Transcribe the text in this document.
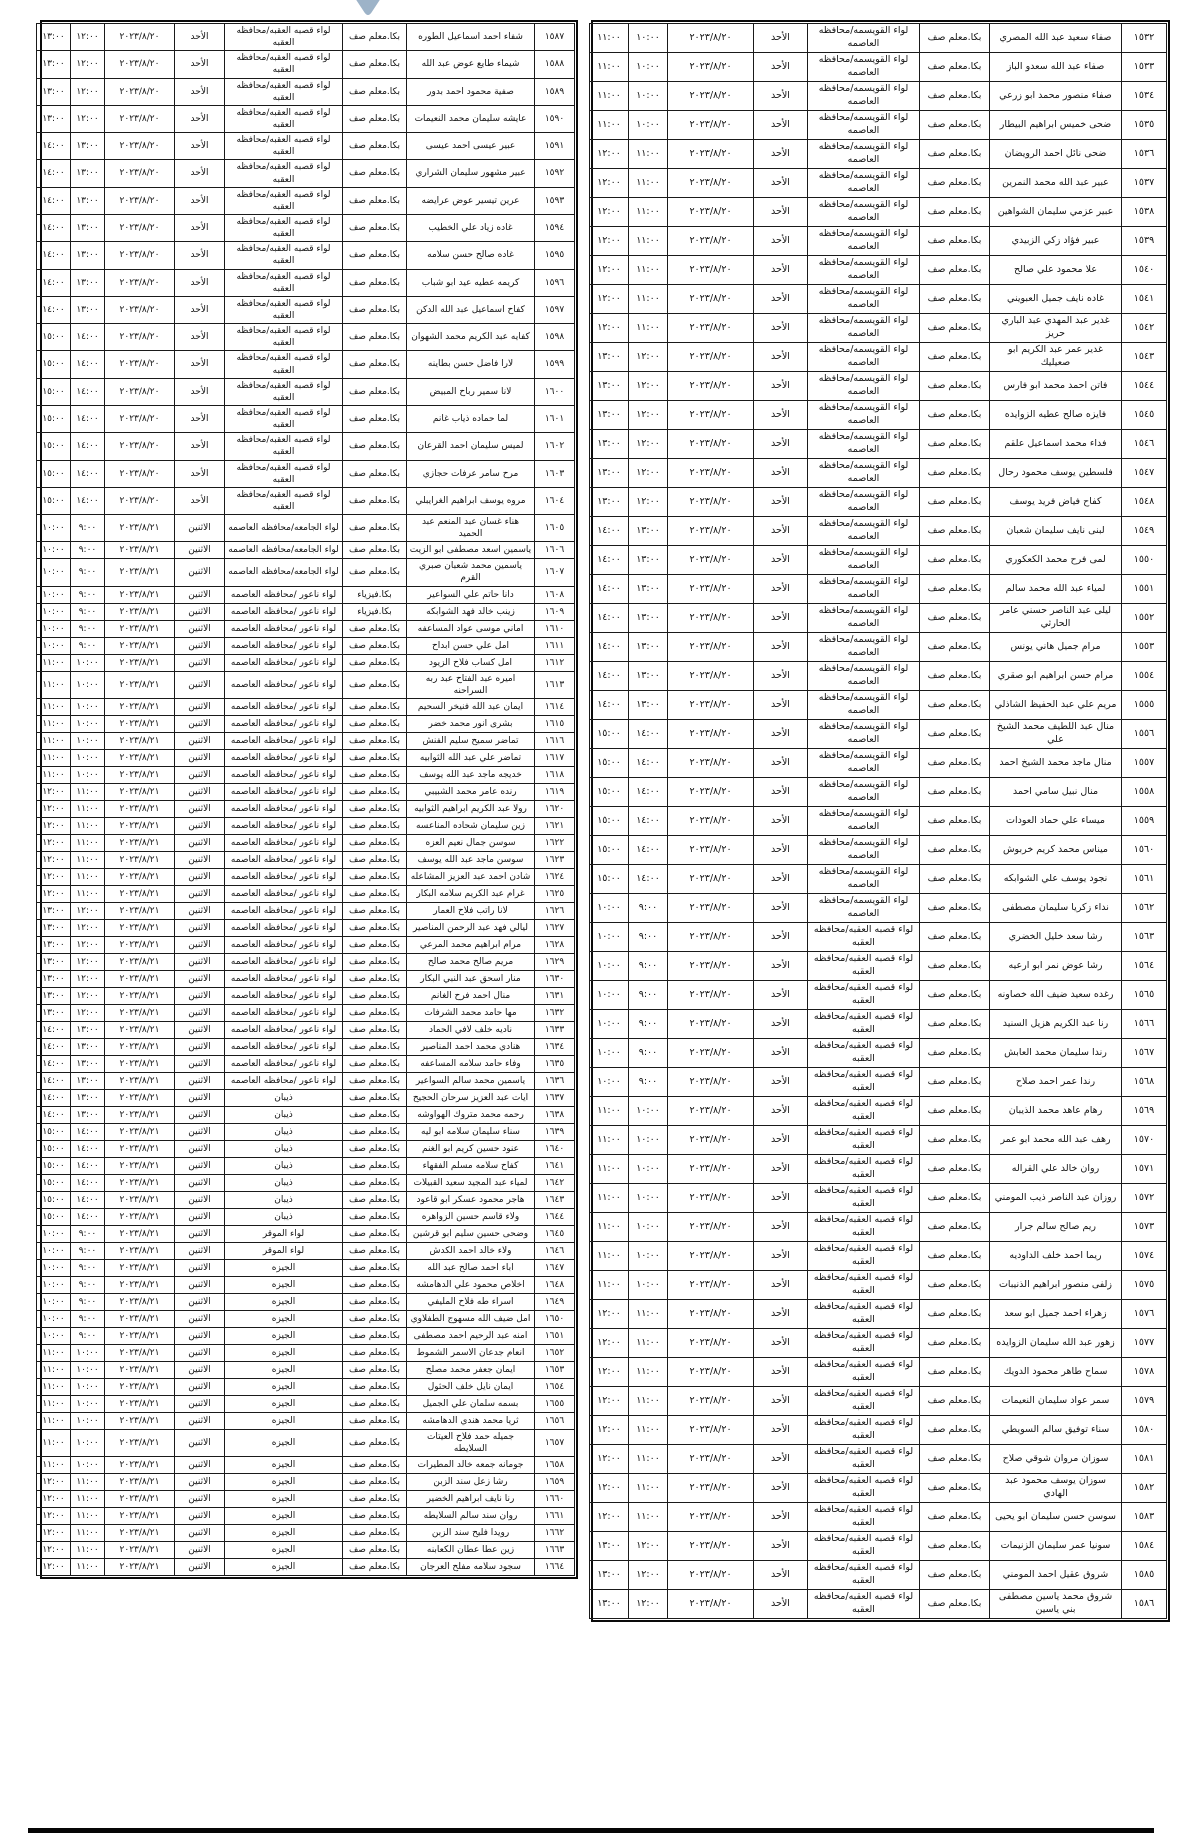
١٥٨٧	شفاء احمد اسماعيل الطوره	بكا.معلم صف	لواء قصبه العقبه/محافظه العقبه	الأحد	٢٠٢٣/٨/٢٠	١٢:٠٠	١٣:٠٠
١٥٨٨	شيماء طايع عوض عبد الله	بكا.معلم صف	لواء قصبه العقبه/محافظه العقبه	الأحد	٢٠٢٣/٨/٢٠	١٢:٠٠	١٣:٠٠
١٥٨٩	صفية محمود احمد بدور	بكا.معلم صف	لواء قصبه العقبه/محافظه العقبه	الأحد	٢٠٢٣/٨/٢٠	١٢:٠٠	١٣:٠٠
١٥٩٠	عايشه سليمان محمد النعيمات	بكا.معلم صف	لواء قصبه العقبه/محافظه العقبه	الأحد	٢٠٢٣/٨/٢٠	١٢:٠٠	١٣:٠٠
١٥٩١	عبير عيسى احمد عيسى	بكا.معلم صف	لواء قصبه العقبه/محافظه العقبه	الأحد	٢٠٢٣/٨/٢٠	١٣:٠٠	١٤:٠٠
١٥٩٢	عبير مشهور سليمان الشراري	بكا.معلم صف	لواء قصبه العقبه/محافظه العقبه	الأحد	٢٠٢٣/٨/٢٠	١٣:٠٠	١٤:٠٠
١٥٩٣	عرين تيسير عوض عرايضه	بكا.معلم صف	لواء قصبه العقبه/محافظه العقبه	الأحد	٢٠٢٣/٨/٢٠	١٣:٠٠	١٤:٠٠
١٥٩٤	غاده زياد علي الخطيب	بكا.معلم صف	لواء قصبه العقبه/محافظه العقبه	الأحد	٢٠٢٣/٨/٢٠	١٣:٠٠	١٤:٠٠
١٥٩٥	غاده صالح حسن سلامه	بكا.معلم صف	لواء قصبه العقبه/محافظه العقبه	الأحد	٢٠٢٣/٨/٢٠	١٣:٠٠	١٤:٠٠
١٥٩٦	كريمه عطيه عيد ابو شباب	بكا.معلم صف	لواء قصبه العقبه/محافظه العقبه	الأحد	٢٠٢٣/٨/٢٠	١٣:٠٠	١٤:٠٠
١٥٩٧	كفاح اسماعيل عبد الله الدكن	بكا.معلم صف	لواء قصبه العقبه/محافظه العقبه	الأحد	٢٠٢٣/٨/٢٠	١٣:٠٠	١٤:٠٠
١٥٩٨	كفايه عبد الكريم محمد الشهوان	بكا.معلم صف	لواء قصبه العقبه/محافظه العقبه	الأحد	٢٠٢٣/٨/٢٠	١٤:٠٠	١٥:٠٠
١٥٩٩	لارا فاضل حسن بطاينه	بكا.معلم صف	لواء قصبه العقبه/محافظه العقبه	الأحد	٢٠٢٣/٨/٢٠	١٤:٠٠	١٥:٠٠
١٦٠٠	لانا سمير رباح المبيض	بكا.معلم صف	لواء قصبه العقبه/محافظه العقبه	الأحد	٢٠٢٣/٨/٢٠	١٤:٠٠	١٥:٠٠
١٦٠١	لما حماده ذياب غانم	بكا.معلم صف	لواء قصبه العقبه/محافظه العقبه	الأحد	٢٠٢٣/٨/٢٠	١٤:٠٠	١٥:٠٠
١٦٠٢	لميس سليمان احمد القرعان	بكا.معلم صف	لواء قصبه العقبه/محافظه العقبه	الأحد	٢٠٢٣/٨/٢٠	١٤:٠٠	١٥:٠٠
١٦٠٣	مرح سامر عرفات حجازي	بكا.معلم صف	لواء قصبه العقبه/محافظه العقبه	الأحد	٢٠٢٣/٨/٢٠	١٤:٠٠	١٥:٠٠
١٦٠٤	مروه يوسف ابراهيم الغرايبلي	بكا.معلم صف	لواء قصبه العقبه/محافظه العقبه	الأحد	٢٠٢٣/٨/٢٠	١٤:٠٠	١٥:٠٠
١٦٠٥	هناء غسان عبد المنعم عبد الحميد	بكا.معلم صف	لواء الجامعه/محافظه العاصمه	الاثنين	٢٠٢٣/٨/٢١	٩:٠٠	١٠:٠٠
١٦٠٦	ياسمين اسعد مصطفى ابو الزيت	بكا.معلم صف	لواء الجامعه/محافظه العاصمه	الاثنين	٢٠٢٣/٨/٢١	٩:٠٠	١٠:٠٠
١٦٠٧	ياسمين محمد شعبان صبري القرم	بكا.معلم صف	لواء الجامعه/محافظه العاصمه	الاثنين	٢٠٢٣/٨/٢١	٩:٠٠	١٠:٠٠
١٦٠٨	دانا حاتم علي السواعير	بكا.فيزياء	لواء ناعور /محافظه العاصمه	الاثنين	٢٠٢٣/٨/٢١	٩:٠٠	١٠:٠٠
١٦٠٩	زينب خالد فهد الشوابكه	بكا.فيزياء	لواء ناعور /محافظه العاصمه	الاثنين	٢٠٢٣/٨/٢١	٩:٠٠	١٠:٠٠
١٦١٠	اماني موسى عواد المساعفه	بكا.معلم صف	لواء ناعور /محافظه العاصمه	الاثنين	٢٠٢٣/٨/٢١	٩:٠٠	١٠:٠٠
١٦١١	امل علي حسن ابداح	بكا.معلم صف	لواء ناعور /محافظه العاصمه	الاثنين	٢٠٢٣/٨/٢١	٩:٠٠	١٠:٠٠
١٦١٢	امل كساب فلاح الزيود	بكا.معلم صف	لواء ناعور /محافظه العاصمه	الاثنين	٢٠٢٣/٨/٢١	١٠:٠٠	١١:٠٠
١٦١٣	اميره عبد الفتاح عبد ربه السراحنه	بكا.معلم صف	لواء ناعور /محافظه العاصمه	الاثنين	٢٠٢٣/٨/٢١	١٠:٠٠	١١:٠٠
١٦١٤	ايمان عبد الله فنيخر السحيم	بكا.معلم صف	لواء ناعور /محافظه العاصمه	الاثنين	٢٠٢٣/٨/٢١	١٠:٠٠	١١:٠٠
١٦١٥	بشرى انور محمد خضر	بكا.معلم صف	لواء ناعور /محافظه العاصمه	الاثنين	٢٠٢٣/٨/٢١	١٠:٠٠	١١:٠٠
١٦١٦	تماضر سميح سليم الفنش	بكا.معلم صف	لواء ناعور /محافظه العاصمه	الاثنين	٢٠٢٣/٨/٢١	١٠:٠٠	١١:٠٠
١٦١٧	تماضر علي عبد الله الثوابيه	بكا.معلم صف	لواء ناعور /محافظه العاصمه	الاثنين	٢٠٢٣/٨/٢١	١٠:٠٠	١١:٠٠
١٦١٨	خديجه ماجد عبد الله يوسف	بكا.معلم صف	لواء ناعور /محافظه العاصمه	الاثنين	٢٠٢٣/٨/٢١	١٠:٠٠	١١:٠٠
١٦١٩	رنده عامر محمد الشبيبي	بكا.معلم صف	لواء ناعور /محافظه العاصمه	الاثنين	٢٠٢٣/٨/٢١	١١:٠٠	١٢:٠٠
١٦٢٠	رولا عبد الكريم ابراهيم الثوابيه	بكا.معلم صف	لواء ناعور /محافظه العاصمه	الاثنين	٢٠٢٣/٨/٢١	١١:٠٠	١٢:٠٠
١٦٢١	زين سليمان شحاده المناعسه	بكا.معلم صف	لواء ناعور /محافظه العاصمه	الاثنين	٢٠٢٣/٨/٢١	١١:٠٠	١٢:٠٠
١٦٢٢	سوسن جمال نعيم العزه	بكا.معلم صف	لواء ناعور /محافظه العاصمه	الاثنين	٢٠٢٣/٨/٢١	١١:٠٠	١٢:٠٠
١٦٢٣	سوسن ماجد عبد الله يوسف	بكا.معلم صف	لواء ناعور /محافظه العاصمه	الاثنين	٢٠٢٣/٨/٢١	١١:٠٠	١٢:٠٠
١٦٢٤	شادن احمد عبد العزيز المشاعله	بكا.معلم صف	لواء ناعور /محافظه العاصمه	الاثنين	٢٠٢٣/٨/٢١	١١:٠٠	١٢:٠٠
١٦٢٥	غرام عبد الكريم سلامه البكار	بكا.معلم صف	لواء ناعور /محافظه العاصمه	الاثنين	٢٠٢٣/٨/٢١	١١:٠٠	١٢:٠٠
١٦٢٦	لانا راتب فلاح العمار	بكا.معلم صف	لواء ناعور /محافظه العاصمه	الاثنين	٢٠٢٣/٨/٢١	١٢:٠٠	١٣:٠٠
١٦٢٧	ليالي فهد عبد الرحمن المناصير	بكا.معلم صف	لواء ناعور /محافظه العاصمه	الاثنين	٢٠٢٣/٨/٢١	١٢:٠٠	١٣:٠٠
١٦٢٨	مرام ابراهيم محمد المرعي	بكا.معلم صف	لواء ناعور /محافظه العاصمه	الاثنين	٢٠٢٣/٨/٢١	١٢:٠٠	١٣:٠٠
١٦٢٩	مريم صالح محمد صالح	بكا.معلم صف	لواء ناعور /محافظه العاصمه	الاثنين	٢٠٢٣/٨/٢١	١٢:٠٠	١٣:٠٠
١٦٣٠	منار اسحق عبد النبي البكار	بكا.معلم صف	لواء ناعور /محافظه العاصمه	الاثنين	٢٠٢٣/٨/٢١	١٢:٠٠	١٣:٠٠
١٦٣١	منال احمد فرح الغانم	بكا.معلم صف	لواء ناعور /محافظه العاصمه	الاثنين	٢٠٢٣/٨/٢١	١٢:٠٠	١٣:٠٠
١٦٣٢	مها حامد محمد الشرفات	بكا.معلم صف	لواء ناعور /محافظه العاصمه	الاثنين	٢٠٢٣/٨/٢١	١٢:٠٠	١٣:٠٠
١٦٣٣	ناديه خلف لافي الحماد	بكا.معلم صف	لواء ناعور /محافظه العاصمه	الاثنين	٢٠٢٣/٨/٢١	١٣:٠٠	١٤:٠٠
١٦٣٤	هنادي محمد احمد المناصير	بكا.معلم صف	لواء ناعور /محافظه العاصمه	الاثنين	٢٠٢٣/٨/٢١	١٣:٠٠	١٤:٠٠
١٦٣٥	وفاء حامد سلامه المساعفه	بكا.معلم صف	لواء ناعور /محافظه العاصمه	الاثنين	٢٠٢٣/٨/٢١	١٣:٠٠	١٤:٠٠
١٦٣٦	ياسمين محمد سالم السواعير	بكا.معلم صف	لواء ناعور /محافظه العاصمه	الاثنين	٢٠٢٣/٨/٢١	١٣:٠٠	١٤:٠٠
١٦٣٧	ايات عبد العزيز سرحان الحجيح	بكا.معلم صف	ذيبان	الاثنين	٢٠٢٣/٨/٢١	١٣:٠٠	١٤:٠٠
١٦٣٨	رحمه محمد متروك الهواوشه	بكا.معلم صف	ذيبان	الاثنين	٢٠٢٣/٨/٢١	١٣:٠٠	١٤:٠٠
١٦٣٩	سناء سليمان سلامه ابو ليه	بكا.معلم صف	ذيبان	الاثنين	٢٠٢٣/٨/٢١	١٤:٠٠	١٥:٠٠
١٦٤٠	عنود حسين كريم ابو الغنم	بكا.معلم صف	ذيبان	الاثنين	٢٠٢٣/٨/٢١	١٤:٠٠	١٥:٠٠
١٦٤١	كفاح سلامه مسلم الفقهاء	بكا.معلم صف	ذيبان	الاثنين	٢٠٢٣/٨/٢١	١٤:٠٠	١٥:٠٠
١٦٤٢	لمياء عبد المجيد سعيد القبيلات	بكا.معلم صف	ذيبان	الاثنين	٢٠٢٣/٨/٢١	١٤:٠٠	١٥:٠٠
١٦٤٣	هاجر محمود عسكر ابو قاعود	بكا.معلم صف	ذيبان	الاثنين	٢٠٢٣/٨/٢١	١٤:٠٠	١٥:٠٠
١٦٤٤	ولاء قاسم حسين الزواهره	بكا.معلم صف	ذيبان	الاثنين	٢٠٢٣/٨/٢١	١٤:٠٠	١٥:٠٠
١٦٤٥	وضحى حسين سليم ابو قرشين	بكا.معلم صف	لواء الموقر	الاثنين	٢٠٢٣/٨/٢١	٩:٠٠	١٠:٠٠
١٦٤٦	ولاء خالد احمد الكدش	بكا.معلم صف	لواء الموقر	الاثنين	٢٠٢٣/٨/٢١	٩:٠٠	١٠:٠٠
١٦٤٧	اباء احمد صالح عبد الله	بكا.معلم صف	الجيزه	الاثنين	٢٠٢٣/٨/٢١	٩:٠٠	١٠:٠٠
١٦٤٨	اخلاص محمود علي الدهامشه	بكا.معلم صف	الجيزه	الاثنين	٢٠٢٣/٨/٢١	٩:٠٠	١٠:٠٠
١٦٤٩	اسراء طه فلاح المليفي	بكا.معلم صف	الجيزه	الاثنين	٢٠٢٣/٨/٢١	٩:٠٠	١٠:٠٠
١٦٥٠	امل ضيف الله مسهوج الطفلاوي	بكا.معلم صف	الجيزه	الاثنين	٢٠٢٣/٨/٢١	٩:٠٠	١٠:٠٠
١٦٥١	امنه عبد الرحيم احمد مصطفى	بكا.معلم صف	الجيزه	الاثنين	٢٠٢٣/٨/٢١	٩:٠٠	١٠:٠٠
١٦٥٢	انعام جدعان الاسمر الشموط	بكا.معلم صف	الجيزه	الاثنين	٢٠٢٣/٨/٢١	١٠:٠٠	١١:٠٠
١٦٥٣	ايمان جعفر محمد مصلح	بكا.معلم صف	الجيزه	الاثنين	٢٠٢٣/٨/٢١	١٠:٠٠	١١:٠٠
١٦٥٤	ايمان نايل خلف الحثول	بكا.معلم صف	الجيزه	الاثنين	٢٠٢٣/٨/٢١	١٠:٠٠	١١:٠٠
١٦٥٥	بسمه سلمان علي الجميل	بكا.معلم صف	الجيزه	الاثنين	٢٠٢٣/٨/٢١	١٠:٠٠	١١:٠٠
١٦٥٦	ثريا محمد هندي الدهامشه	بكا.معلم صف	الجيزه	الاثنين	٢٠٢٣/٨/٢١	١٠:٠٠	١١:٠٠
١٦٥٧	جميله حمد فلاح العيتات السلايطه	بكا.معلم صف	الجيزه	الاثنين	٢٠٢٣/٨/٢١	١٠:٠٠	١١:٠٠
١٦٥٨	جومانه جمعه خالد المطيرات	بكا.معلم صف	الجيزه	الاثنين	٢٠٢٣/٨/٢١	١٠:٠٠	١١:٠٠
١٦٥٩	رشا زعل سند الزبن	بكا.معلم صف	الجيزه	الاثنين	٢٠٢٣/٨/٢١	١١:٠٠	١٢:٠٠
١٦٦٠	رنا نايف ابراهيم الخضير	بكا.معلم صف	الجيزه	الاثنين	٢٠٢٣/٨/٢١	١١:٠٠	١٢:٠٠
١٦٦١	روان سند سالم السلايطه	بكا.معلم صف	الجيزه	الاثنين	٢٠٢٣/٨/٢١	١١:٠٠	١٢:٠٠
١٦٦٢	رويدا فليح سند الزبن	بكا.معلم صف	الجيزه	الاثنين	٢٠٢٣/٨/٢١	١١:٠٠	١٢:٠٠
١٦٦٣	زين عطا عطان الكعابنه	بكا.معلم صف	الجيزه	الاثنين	٢٠٢٣/٨/٢١	١١:٠٠	١٢:٠٠
١٦٦٤	سجود سلامه مفلح العرجان	بكا.معلم صف	الجيزه	الاثنين	٢٠٢٣/٨/٢١	١١:٠٠	١٢:٠٠
١٥٣٢	صفاء سعيد عبد الله المصري	بكا.معلم صف	لواء القويسمه/محافظه العاصمه	الأحد	٢٠٢٣/٨/٢٠	١٠:٠٠	١١:٠٠
١٥٣٣	صفاء عبد الله سعدو الباز	بكا.معلم صف	لواء القويسمه/محافظه العاصمه	الأحد	٢٠٢٣/٨/٢٠	١٠:٠٠	١١:٠٠
١٥٣٤	صفاء منصور محمد ابو زرعي	بكا.معلم صف	لواء القويسمه/محافظه العاصمه	الأحد	٢٠٢٣/٨/٢٠	١٠:٠٠	١١:٠٠
١٥٣٥	ضحى خميس ابراهيم البيطار	بكا.معلم صف	لواء القويسمه/محافظه العاصمه	الأحد	٢٠٢٣/٨/٢٠	١٠:٠٠	١١:٠٠
١٥٣٦	ضحى نائل احمد الرويضان	بكا.معلم صف	لواء القويسمه/محافظه العاصمه	الأحد	٢٠٢٣/٨/٢٠	١١:٠٠	١٢:٠٠
١٥٣٧	عبير عبد الله محمد النمرين	بكا.معلم صف	لواء القويسمه/محافظه العاصمه	الأحد	٢٠٢٣/٨/٢٠	١١:٠٠	١٢:٠٠
١٥٣٨	عبير عزمي سليمان الشواهين	بكا.معلم صف	لواء القويسمه/محافظه العاصمه	الأحد	٢٠٢٣/٨/٢٠	١١:٠٠	١٢:٠٠
١٥٣٩	عبير فؤاد زكي الزبيدي	بكا.معلم صف	لواء القويسمه/محافظه العاصمه	الأحد	٢٠٢٣/٨/٢٠	١١:٠٠	١٢:٠٠
١٥٤٠	علا محمود علي صالح	بكا.معلم صف	لواء القويسمه/محافظه العاصمه	الأحد	٢٠٢٣/٨/٢٠	١١:٠٠	١٢:٠٠
١٥٤١	غاده نايف جميل العبويني	بكا.معلم صف	لواء القويسمه/محافظه العاصمه	الأحد	٢٠٢٣/٨/٢٠	١١:٠٠	١٢:٠٠
١٥٤٢	غدير عبد المهدي عبد الباري حريز	بكا.معلم صف	لواء القويسمه/محافظه العاصمه	الأحد	٢٠٢٣/٨/٢٠	١١:٠٠	١٢:٠٠
١٥٤٣	غدير عمر عبد الكريم ابو صعيليك	بكا.معلم صف	لواء القويسمه/محافظه العاصمه	الأحد	٢٠٢٣/٨/٢٠	١٢:٠٠	١٣:٠٠
١٥٤٤	فاتن احمد محمد ابو فارس	بكا.معلم صف	لواء القويسمه/محافظه العاصمه	الأحد	٢٠٢٣/٨/٢٠	١٢:٠٠	١٣:٠٠
١٥٤٥	فايزه صالح عطيه الزوايده	بكا.معلم صف	لواء القويسمه/محافظه العاصمه	الأحد	٢٠٢٣/٨/٢٠	١٢:٠٠	١٣:٠٠
١٥٤٦	فداء محمد اسماعيل علقم	بكا.معلم صف	لواء القويسمه/محافظه العاصمه	الأحد	٢٠٢٣/٨/٢٠	١٢:٠٠	١٣:٠٠
١٥٤٧	فلسطين يوسف محمود رحال	بكا.معلم صف	لواء القويسمه/محافظه العاصمه	الأحد	٢٠٢٣/٨/٢٠	١٢:٠٠	١٣:٠٠
١٥٤٨	كفاح فياض فريد يوسف	بكا.معلم صف	لواء القويسمه/محافظه العاصمه	الأحد	٢٠٢٣/٨/٢٠	١٢:٠٠	١٣:٠٠
١٥٤٩	لبنى نايف سليمان شعبان	بكا.معلم صف	لواء القويسمه/محافظه العاصمه	الأحد	٢٠٢٣/٨/٢٠	١٣:٠٠	١٤:٠٠
١٥٥٠	لمى فرح محمد الكعكوري	بكا.معلم صف	لواء القويسمه/محافظه العاصمه	الأحد	٢٠٢٣/٨/٢٠	١٣:٠٠	١٤:٠٠
١٥٥١	لمياء عبد الله محمد سالم	بكا.معلم صف	لواء القويسمه/محافظه العاصمه	الأحد	٢٠٢٣/٨/٢٠	١٣:٠٠	١٤:٠٠
١٥٥٢	ليلى عبد الناصر حسني عامر الحارثي	بكا.معلم صف	لواء القويسمه/محافظه العاصمه	الأحد	٢٠٢٣/٨/٢٠	١٣:٠٠	١٤:٠٠
١٥٥٣	مرام جميل هاني يونس	بكا.معلم صف	لواء القويسمه/محافظه العاصمه	الأحد	٢٠٢٣/٨/٢٠	١٣:٠٠	١٤:٠٠
١٥٥٤	مرام حسن ابراهيم ابو صقري	بكا.معلم صف	لواء القويسمه/محافظه العاصمه	الأحد	٢٠٢٣/٨/٢٠	١٣:٠٠	١٤:٠٠
١٥٥٥	مريم علي عبد الحفيظ الشاذلي	بكا.معلم صف	لواء القويسمه/محافظه العاصمه	الأحد	٢٠٢٣/٨/٢٠	١٣:٠٠	١٤:٠٠
١٥٥٦	منال عبد اللطيف محمد الشيخ علي	بكا.معلم صف	لواء القويسمه/محافظه العاصمه	الأحد	٢٠٢٣/٨/٢٠	١٤:٠٠	١٥:٠٠
١٥٥٧	منال ماجد محمد الشيخ احمد	بكا.معلم صف	لواء القويسمه/محافظه العاصمه	الأحد	٢٠٢٣/٨/٢٠	١٤:٠٠	١٥:٠٠
١٥٥٨	منال نبيل سامي احمد	بكا.معلم صف	لواء القويسمه/محافظه العاصمه	الأحد	٢٠٢٣/٨/٢٠	١٤:٠٠	١٥:٠٠
١٥٥٩	ميساء علي حماد العودات	بكا.معلم صف	لواء القويسمه/محافظه العاصمه	الأحد	٢٠٢٣/٨/٢٠	١٤:٠٠	١٥:٠٠
١٥٦٠	ميناس محمد كريم خربوش	بكا.معلم صف	لواء القويسمه/محافظه العاصمه	الأحد	٢٠٢٣/٨/٢٠	١٤:٠٠	١٥:٠٠
١٥٦١	نجود يوسف علي الشوابكه	بكا.معلم صف	لواء القويسمه/محافظه العاصمه	الأحد	٢٠٢٣/٨/٢٠	١٤:٠٠	١٥:٠٠
١٥٦٢	نداء زكريا سليمان مصطفى	بكا.معلم صف	لواء القويسمه/محافظه العاصمه	الأحد	٢٠٢٣/٨/٢٠	٩:٠٠	١٠:٠٠
١٥٦٣	رشا سعد خليل الخضري	بكا.معلم صف	لواء قصبه العقبه/محافظه العقبه	الأحد	٢٠٢٣/٨/٢٠	٩:٠٠	١٠:٠٠
١٥٦٤	رشا عوض نمر ابو ارعيه	بكا.معلم صف	لواء قصبه العقبه/محافظه العقبه	الأحد	٢٠٢٣/٨/٢٠	٩:٠٠	١٠:٠٠
١٥٦٥	رغده سعيد ضيف الله خصاونه	بكا.معلم صف	لواء قصبه العقبه/محافظه العقبه	الأحد	٢٠٢٣/٨/٢٠	٩:٠٠	١٠:٠٠
١٥٦٦	رنا عبد الكريم هزيل السنيد	بكا.معلم صف	لواء قصبه العقبه/محافظه العقبه	الأحد	٢٠٢٣/٨/٢٠	٩:٠٠	١٠:٠٠
١٥٦٧	رندا سليمان محمد العابش	بكا.معلم صف	لواء قصبه العقبه/محافظه العقبه	الأحد	٢٠٢٣/٨/٢٠	٩:٠٠	١٠:٠٠
١٥٦٨	رندا عمر احمد صلاح	بكا.معلم صف	لواء قصبه العقبه/محافظه العقبه	الأحد	٢٠٢٣/٨/٢٠	٩:٠٠	١٠:٠٠
١٥٦٩	رهام عاهد محمد الذيبان	بكا.معلم صف	لواء قصبه العقبه/محافظه العقبه	الأحد	٢٠٢٣/٨/٢٠	١٠:٠٠	١١:٠٠
١٥٧٠	رهف عبد الله محمد ابو عمر	بكا.معلم صف	لواء قصبه العقبه/محافظه العقبه	الأحد	٢٠٢٣/٨/٢٠	١٠:٠٠	١١:٠٠
١٥٧١	روان خالد علي القراله	بكا.معلم صف	لواء قصبه العقبه/محافظه العقبه	الأحد	٢٠٢٣/٨/٢٠	١٠:٠٠	١١:٠٠
١٥٧٢	روزان عبد الناصر ذيب المومني	بكا.معلم صف	لواء قصبه العقبه/محافظه العقبه	الأحد	٢٠٢٣/٨/٢٠	١٠:٠٠	١١:٠٠
١٥٧٣	ريم صالح سالم جرار	بكا.معلم صف	لواء قصبه العقبه/محافظه العقبه	الأحد	٢٠٢٣/٨/٢٠	١٠:٠٠	١١:٠٠
١٥٧٤	ريما احمد خلف الداوديه	بكا.معلم صف	لواء قصبه العقبه/محافظه العقبه	الأحد	٢٠٢٣/٨/٢٠	١٠:٠٠	١١:٠٠
١٥٧٥	زلفى منصور ابراهيم الذنيبات	بكا.معلم صف	لواء قصبه العقبه/محافظه العقبه	الأحد	٢٠٢٣/٨/٢٠	١٠:٠٠	١١:٠٠
١٥٧٦	زهراء احمد جميل ابو سعد	بكا.معلم صف	لواء قصبه العقبه/محافظه العقبه	الأحد	٢٠٢٣/٨/٢٠	١١:٠٠	١٢:٠٠
١٥٧٧	زهور عبد الله سليمان الزوايده	بكا.معلم صف	لواء قصبه العقبه/محافظه العقبه	الأحد	٢٠٢٣/٨/٢٠	١١:٠٠	١٢:٠٠
١٥٧٨	سماح طاهر محمود الدويك	بكا.معلم صف	لواء قصبه العقبه/محافظه العقبه	الأحد	٢٠٢٣/٨/٢٠	١١:٠٠	١٢:٠٠
١٥٧٩	سمر عواد سليمان النعيمات	بكا.معلم صف	لواء قصبه العقبه/محافظه العقبه	الأحد	٢٠٢٣/٨/٢٠	١١:٠٠	١٢:٠٠
١٥٨٠	سناء توفيق سالم السويطي	بكا.معلم صف	لواء قصبه العقبه/محافظه العقبه	الأحد	٢٠٢٣/٨/٢٠	١١:٠٠	١٢:٠٠
١٥٨١	سوزان مروان شوقي صلاح	بكا.معلم صف	لواء قصبه العقبه/محافظه العقبه	الأحد	٢٠٢٣/٨/٢٠	١١:٠٠	١٢:٠٠
١٥٨٢	سوزان يوسف محمود عبد الهادي	بكا.معلم صف	لواء قصبه العقبه/محافظه العقبه	الأحد	٢٠٢٣/٨/٢٠	١١:٠٠	١٢:٠٠
١٥٨٣	سوسن حسن سليمان ابو يحيى	بكا.معلم صف	لواء قصبه العقبه/محافظه العقبه	الأحد	٢٠٢٣/٨/٢٠	١١:٠٠	١٢:٠٠
١٥٨٤	سونيا عمر سليمان الزنيمات	بكا.معلم صف	لواء قصبه العقبه/محافظه العقبه	الأحد	٢٠٢٣/٨/٢٠	١٢:٠٠	١٣:٠٠
١٥٨٥	شروق عقيل احمد المومني	بكا.معلم صف	لواء قصبه العقبه/محافظه العقبه	الأحد	٢٠٢٣/٨/٢٠	١٢:٠٠	١٣:٠٠
١٥٨٦	شروق محمد ياسين مصطفى بني ياسين	بكا.معلم صف	لواء قصبه العقبه/محافظه العقبه	الأحد	٢٠٢٣/٨/٢٠	١٢:٠٠	١٣:٠٠
